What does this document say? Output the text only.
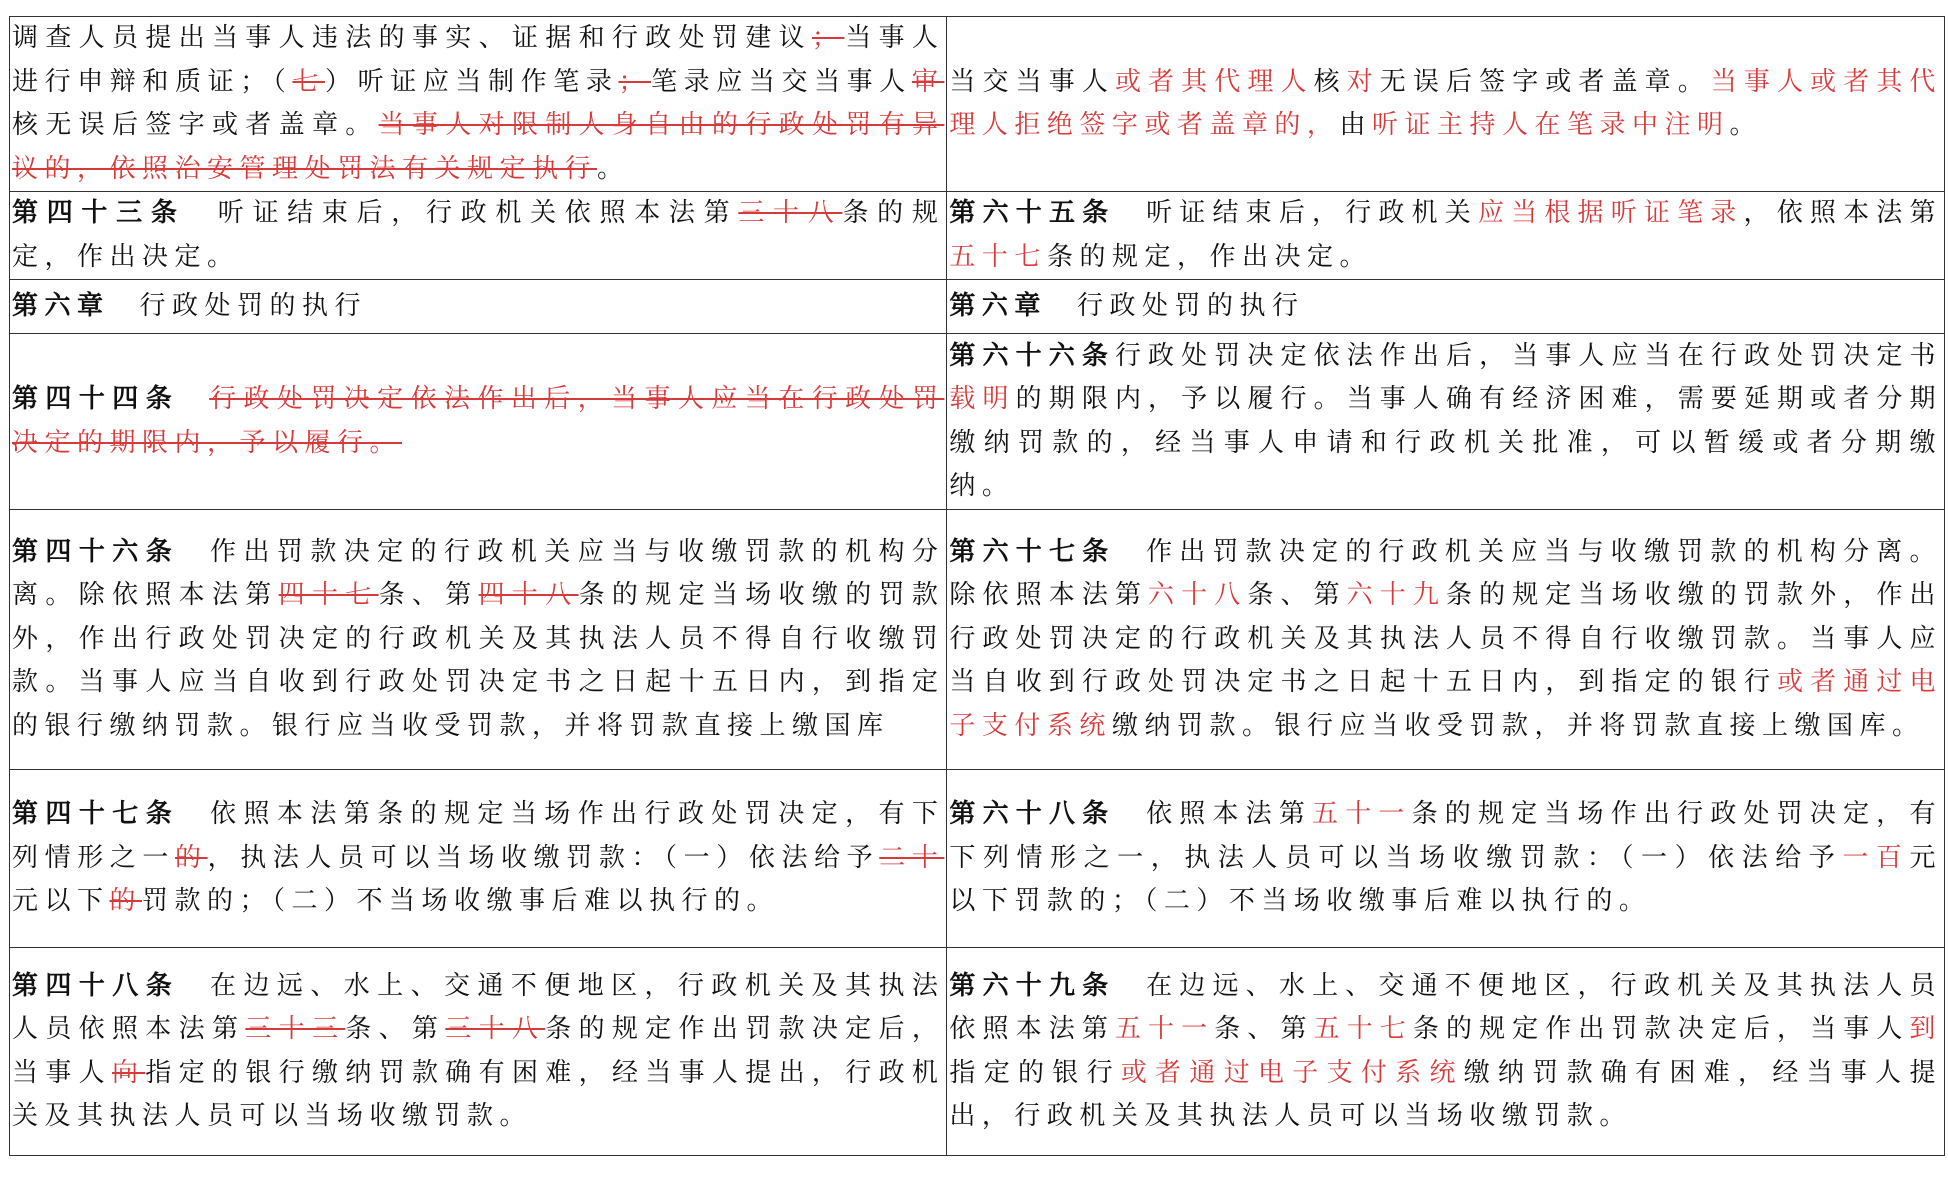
调查人员提出当事人违法的事实、证据和行政处罚建议；当事人进行申辩和质证；（七）听证应当制作笔录；笔录应当交当事人审核无误后签字或者盖章。当事人对限制人身自由的行政处罚有异议的，依照治安管理处罚法有关规定执行。	当交当事人或者其代理人核对无误后签字或者盖章。当事人或者其代理人拒绝签字或者盖章的，由听证主持人在笔录中注明。
第四十三条 听证结束后，行政机关依照本法第三十八条的规定，作出决定。	第六十五条 听证结束后，行政机关应当根据听证笔录，依照本法第五十七条的规定，作出决定。
第六章 行政处罚的执行	第六章 行政处罚的执行
第四十四条 行政处罚决定依法作出后，当事人应当在行政处罚决定的期限内，予以履行。	第六十六条行政处罚决定依法作出后，当事人应当在行政处罚决定书载明的期限内，予以履行。当事人确有经济困难，需要延期或者分期缴纳罚款的，经当事人申请和行政机关批准，可以暂缓或者分期缴纳。
第四十六条 作出罚款决定的行政机关应当与收缴罚款的机构分离。除依照本法第四十七条、第四十八条的规定当场收缴的罚款外，作出行政处罚决定的行政机关及其执法人员不得自行收缴罚款。当事人应当自收到行政处罚决定书之日起十五日内，到指定的银行缴纳罚款。银行应当收受罚款，并将罚款直接上缴国库	第六十七条 作出罚款决定的行政机关应当与收缴罚款的机构分离。除依照本法第六十八条、第六十九条的规定当场收缴的罚款外，作出行政处罚决定的行政机关及其执法人员不得自行收缴罚款。当事人应当自收到行政处罚决定书之日起十五日内，到指定的银行或者通过电子支付系统缴纳罚款。银行应当收受罚款，并将罚款直接上缴国库。
第四十七条 依照本法第条的规定当场作出行政处罚决定，有下列情形之一的，执法人员可以当场收缴罚款：（一）依法给予二十元以下的罚款的；（二）不当场收缴事后难以执行的。	第六十八条 依照本法第五十一条的规定当场作出行政处罚决定，有下列情形之一，执法人员可以当场收缴罚款：（一）依法给予一百元以下罚款的；（二）不当场收缴事后难以执行的。
第四十八条 在边远、水上、交通不便地区，行政机关及其执法人员依照本法第三十三条、第三十八条的规定作出罚款决定后，当事人向指定的银行缴纳罚款确有困难，经当事人提出，行政机关及其执法人员可以当场收缴罚款。	第六十九条 在边远、水上、交通不便地区，行政机关及其执法人员依照本法第五十一条、第五十七条的规定作出罚款决定后，当事人到指定的银行或者通过电子支付系统缴纳罚款确有困难，经当事人提出，行政机关及其执法人员可以当场收缴罚款。
